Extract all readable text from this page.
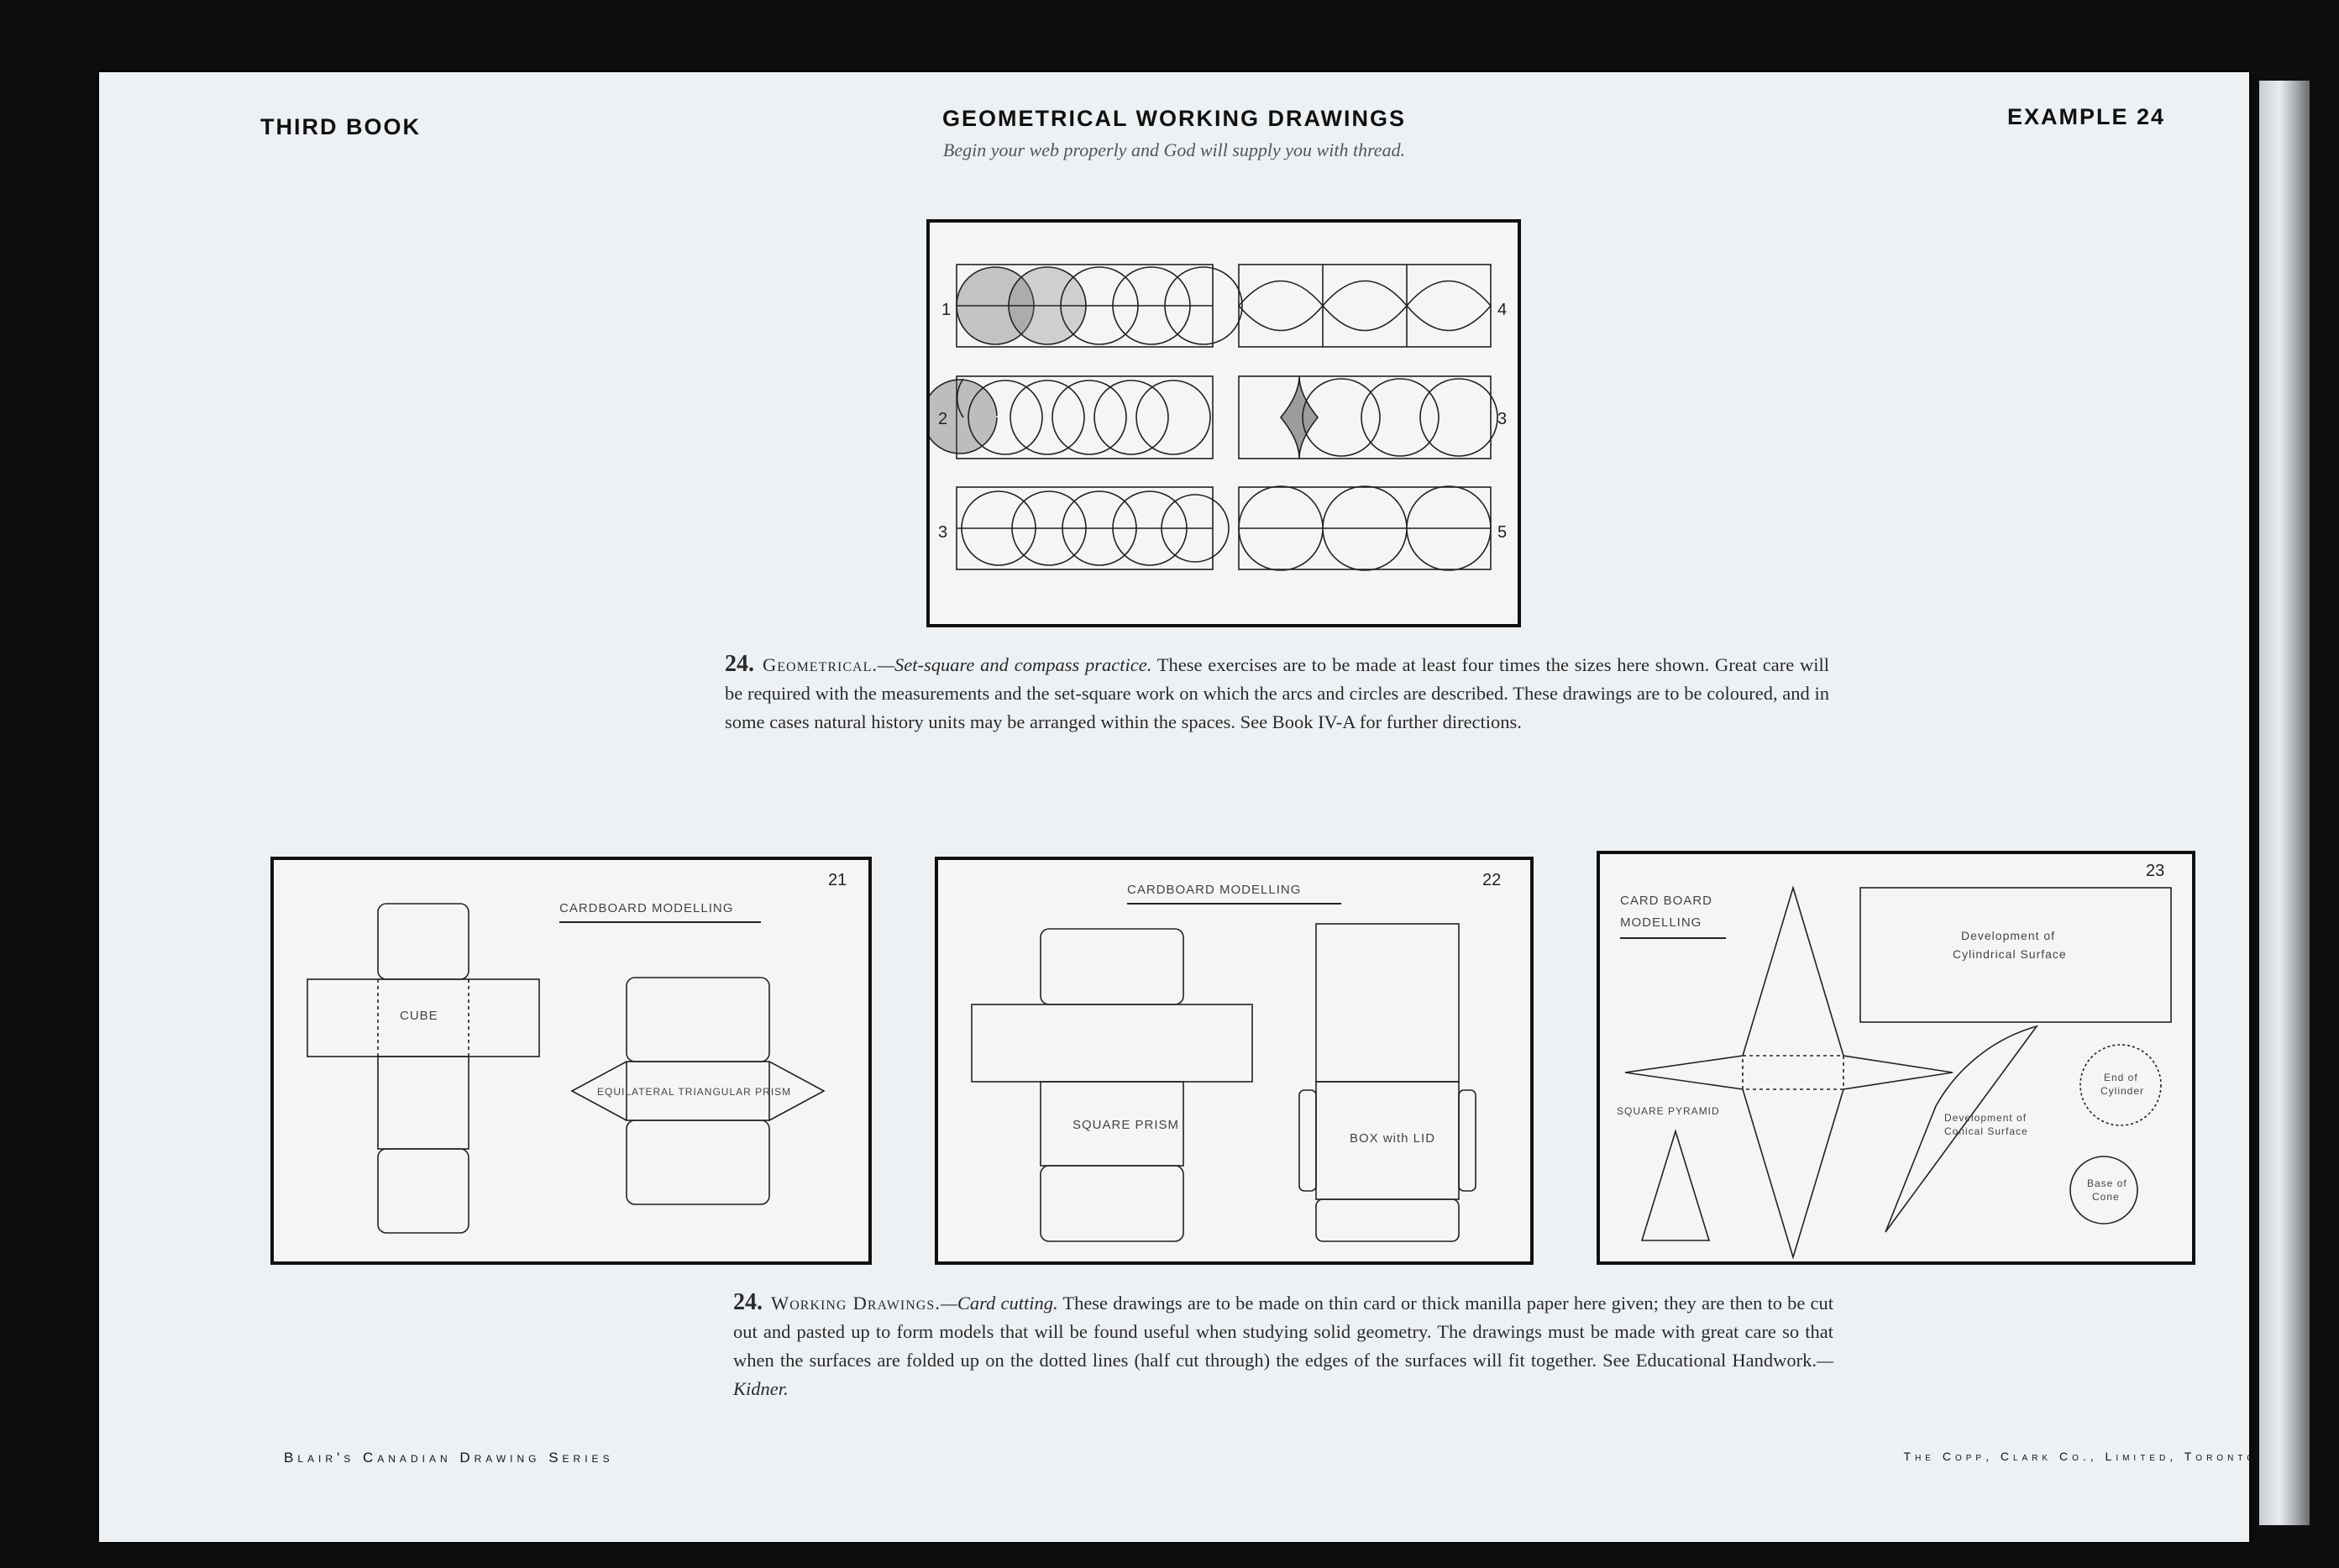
THIRD BOOK	GEOMETRICAL WORKING DRAWINGS	EXAMPLE 24
Begin your web properly and God will supply you with thread.
1
2
3
4
3
5
24. Geometrical.—Set-square and compass practice. These exercises are to be made at least four times the sizes here shown. Great care will be required with the measurements and the set-square work on which the arcs and circles are described. These drawings are to be coloured, and in some cases natural history units may be arranged within the spaces. See Book IV-A for further directions.
21
CARDBOARD MODELLING
CUBE
EQUILATERAL TRIANGULAR PRISM
22
CARDBOARD MODELLING
SQUARE PRISM
BOX with LID
23
CARD BOARD
MODELLING
Development of
Cylindrical Surface
SQUARE PYRAMID
Development of
Conical Surface
End of
Cylinder
Base of
Cone
24. Working Drawings.—Card cutting. These drawings are to be made on thin card or thick manilla paper here given; they are then to be cut out and pasted up to form models that will be found useful when studying solid geometry. The drawings must be made with great care so that when the surfaces are folded up on the dotted lines (half cut through) the edges of the surfaces will fit together. See Educational Handwork.—Kidner.
Blair's Canadian Drawing Series	The Copp, Clark Co., Limited, Toronto
